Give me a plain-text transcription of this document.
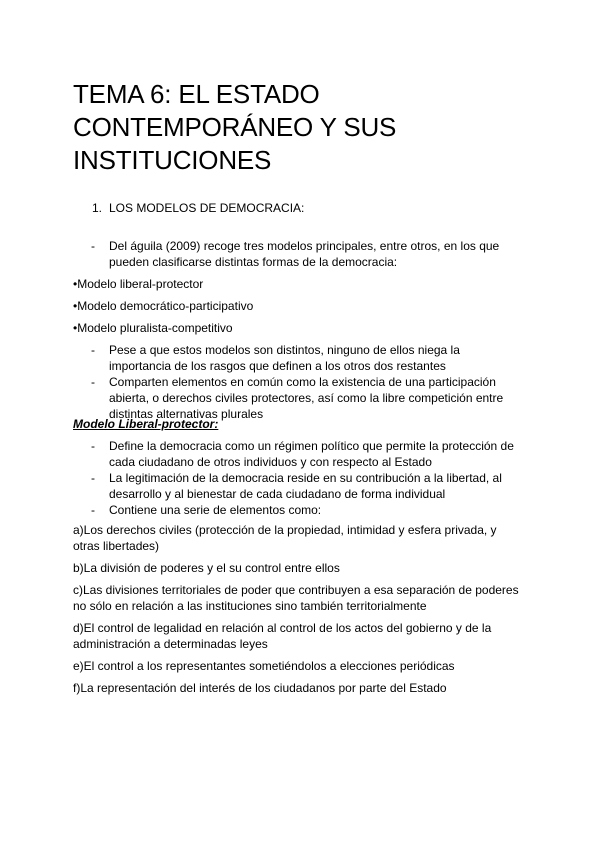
TEMA 6: EL ESTADO
CONTEMPORÁNEO Y SUS
INSTITUCIONES
1. LOS MODELOS DE DEMOCRACIA:
- Del águila (2009) recoge tres modelos principales, entre otros, en los que
pueden clasificarse distintas formas de la democracia:
•Modelo liberal-protector
•Modelo democrático-participativo
•Modelo pluralista-competitivo
- Pese a que estos modelos son distintos, ninguno de ellos niega la
importancia de los rasgos que definen a los otros dos restantes
- Comparten elementos en común como la existencia de una participación
abierta, o derechos civiles protectores, así como la libre competición entre
distintas alternativas plurales
Modelo Liberal-protector:
- Define la democracia como un régimen político que permite la protección de
cada ciudadano de otros individuos y con respecto al Estado
- La legitimación de la democracia reside en su contribución a la libertad, al
desarrollo y al bienestar de cada ciudadano de forma individual
- Contiene una serie de elementos como:
a)Los derechos civiles (protección de la propiedad, intimidad y esfera privada, y
otras libertades)
b)La división de poderes y el su control entre ellos
c)Las divisiones territoriales de poder que contribuyen a esa separación de poderes
no sólo en relación a las instituciones sino también territorialmente
d)El control de legalidad en relación al control de los actos del gobierno y de la
administración a determinadas leyes
e)El control a los representantes sometiéndolos a elecciones periódicas
f)La representación del interés de los ciudadanos por parte del Estado
